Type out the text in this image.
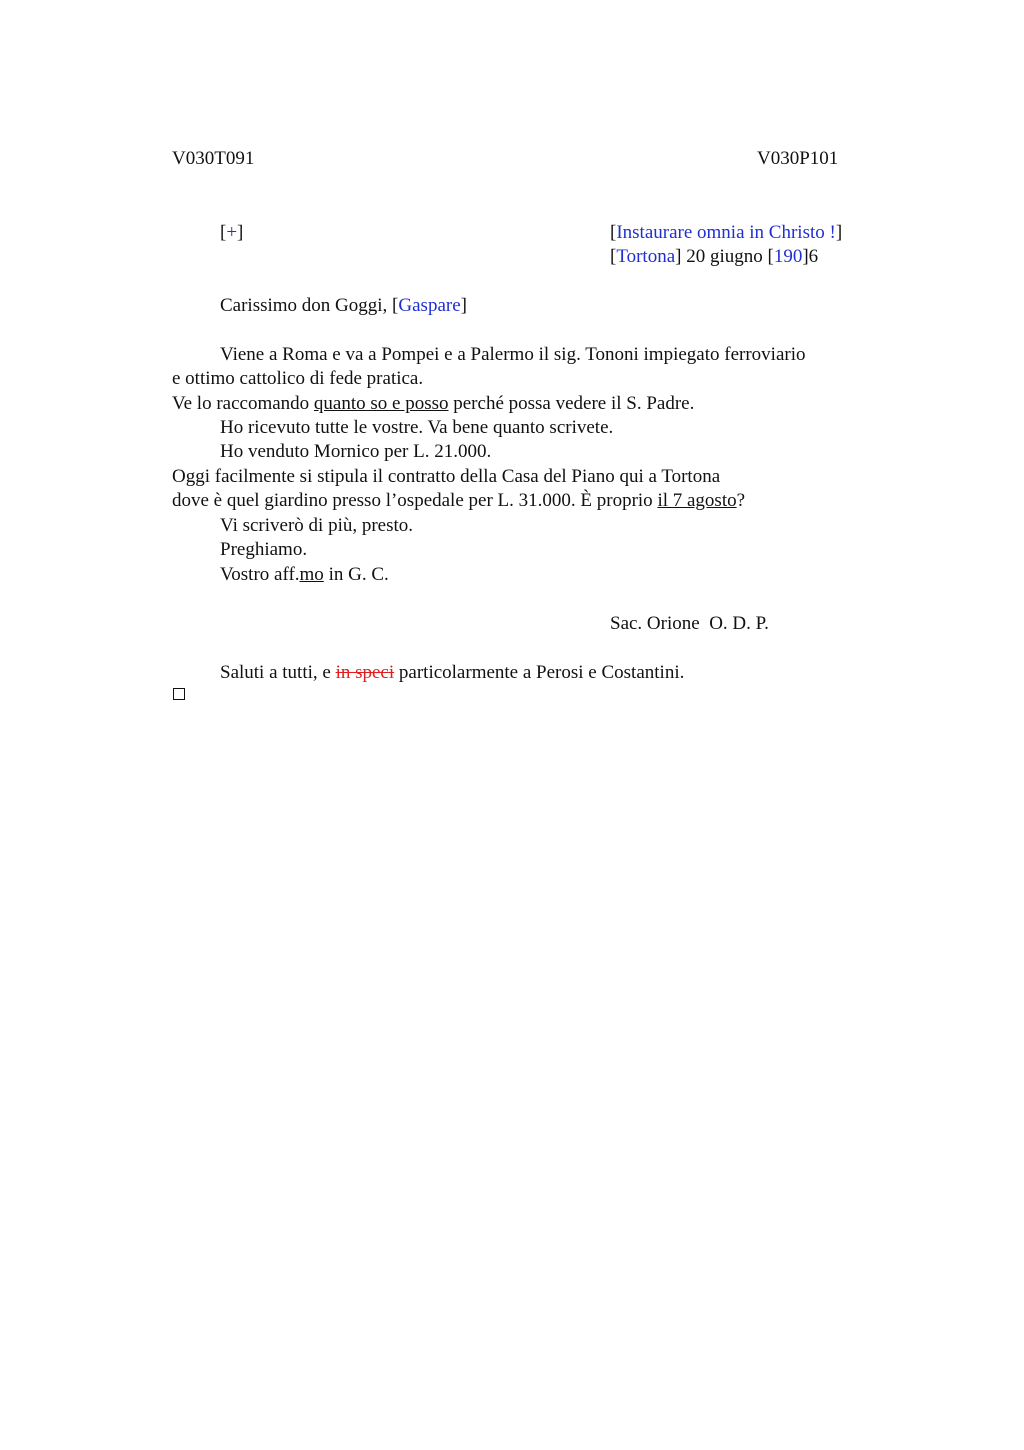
V030T091	V030P101
[+]	[Instaurare omnia in Christo !]
[Tortona] 20 giugno [190]6
Carissimo don Goggi, [Gaspare]
Viene a Roma e va a Pompei e a Palermo il sig. Tononi impiegato ferroviario
e ottimo cattolico di fede pratica.
Ve lo raccomando quanto so e posso perché possa vedere il S. Padre.
Ho ricevuto tutte le vostre. Va bene quanto scrivete.
Ho venduto Mornico per L. 21.000.
Oggi facilmente si stipula il contratto della Casa del Piano qui a Tortona
dove è quel giardino presso l’ospedale per L. 31.000. È proprio il 7 agosto?
Vi scriverò di più, presto.
Preghiamo.
Vostro aff.mo in G. C.
Sac. Orione  O. D. P.
Saluti a tutti, e in speci particolarmente a Perosi e Costantini.
